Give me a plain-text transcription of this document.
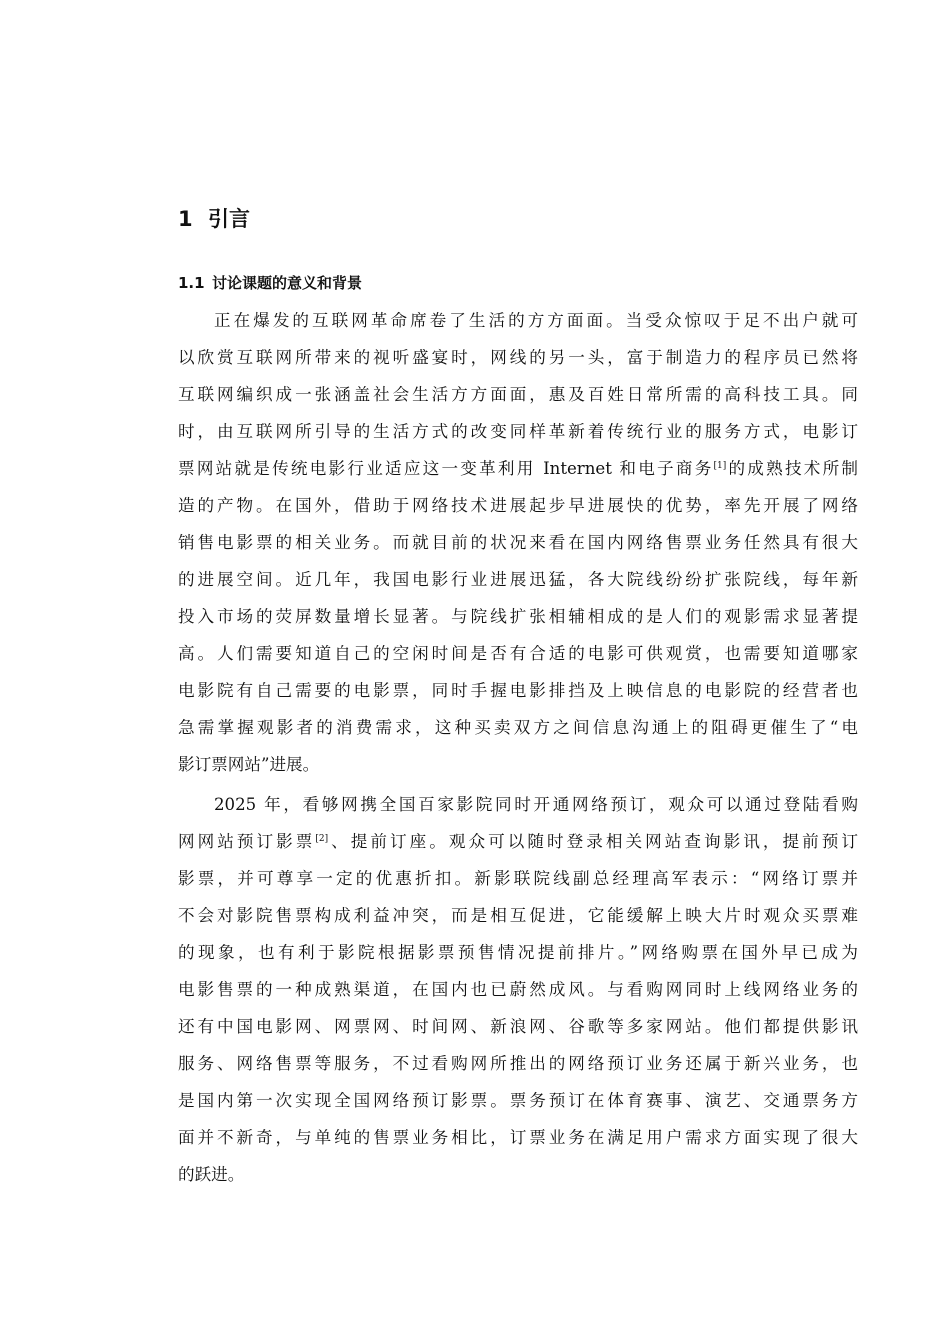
1 引言
1.1 讨论课题的意义和背景
正在爆发的互联网革命席卷了生活的方方面面。当受众惊叹于足不出户就可
以欣赏互联网所带来的视听盛宴时，网线的另一头，富于制造力的程序员已然将
互联网编织成一张涵盖社会生活方方面面，惠及百姓日常所需的高科技工具。同
时，由互联网所引导的生活方式的改变同样革新着传统行业的服务方式，电影订
票网站就是传统电影行业适应这一变革利用 Internet 和电子商务[1]的成熟技术所制
造的产物。在国外，借助于网络技术进展起步早进展快的优势，率先开展了网络
销售电影票的相关业务。而就目前的状况来看在国内网络售票业务任然具有很大
的进展空间。近几年，我国电影行业进展迅猛，各大院线纷纷扩张院线，每年新
投入市场的荧屏数量增长显著。与院线扩张相辅相成的是人们的观影需求显著提
高。人们需要知道自己的空闲时间是否有合适的电影可供观赏，也需要知道哪家
电影院有自己需要的电影票，同时手握电影排挡及上映信息的电影院的经营者也
急需掌握观影者的消费需求，这种买卖双方之间信息沟通上的阻碍更催生了“电
影订票网站”进展。
2025 年，看够网携全国百家影院同时开通网络预订，观众可以通过登陆看购
网网站预订影票[2]、提前订座。观众可以随时登录相关网站查询影讯，提前预订
影票，并可尊享一定的优惠折扣。新影联院线副总经理高军表示：“网络订票并
不会对影院售票构成利益冲突，而是相互促进，它能缓解上映大片时观众买票难
的现象，也有利于影院根据影票预售情况提前排片。”网络购票在国外早已成为
电影售票的一种成熟渠道，在国内也已蔚然成风。与看购网同时上线网络业务的
还有中国电影网、网票网、时间网、新浪网、谷歌等多家网站。他们都提供影讯
服务、网络售票等服务，不过看购网所推出的网络预订业务还属于新兴业务，也
是国内第一次实现全国网络预订影票。票务预订在体育赛事、演艺、交通票务方
面并不新奇，与单纯的售票业务相比，订票业务在满足用户需求方面实现了很大
的跃进。
